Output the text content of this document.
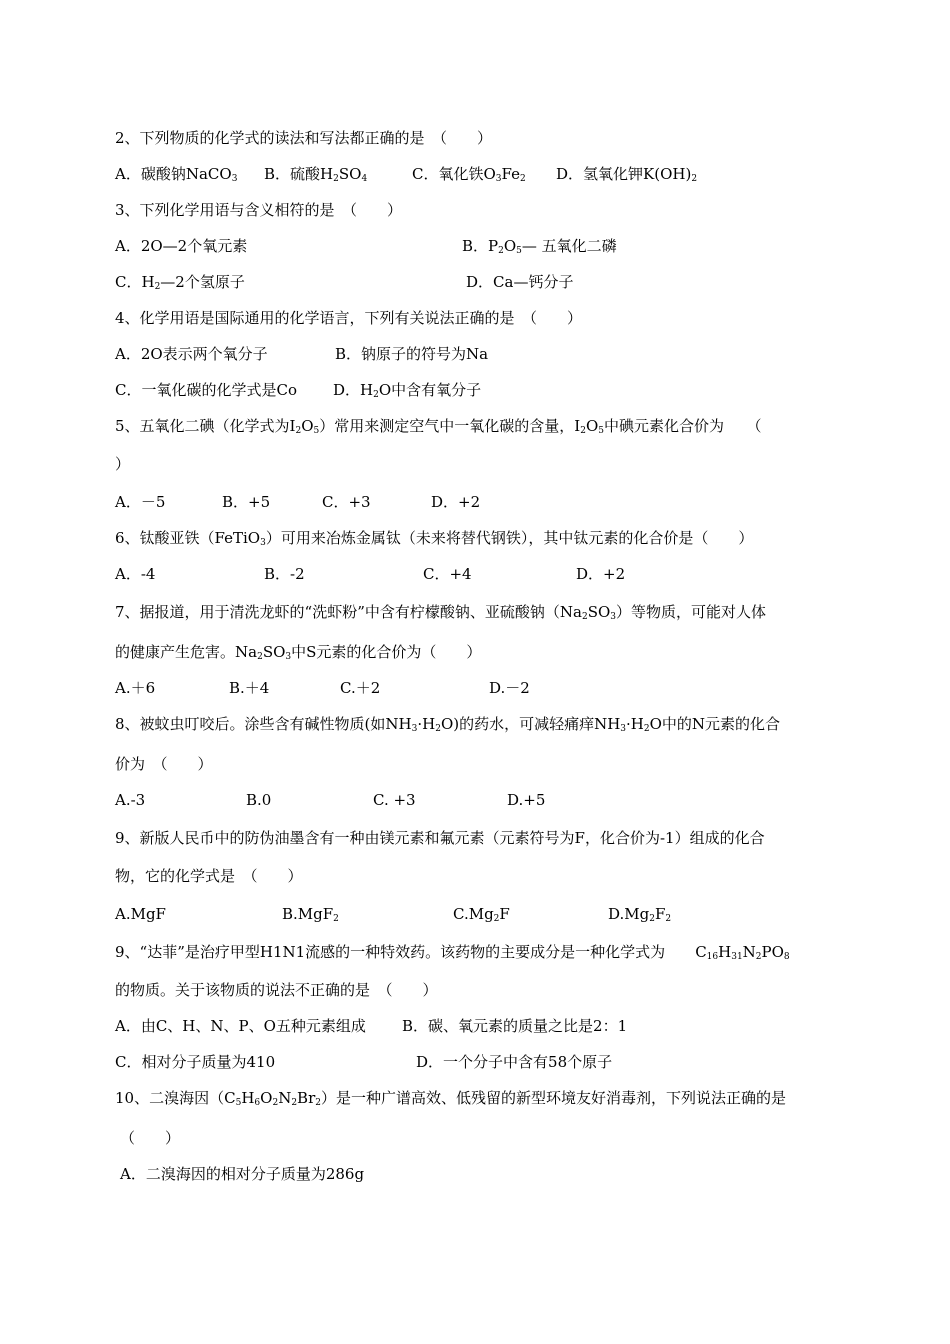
2、下列物质的化学式的读法和写法都正确的是　（　　）
A．碳酸钠NaCO$_3$ B．硫酸$H_2SO_4$	C．氧化铁$O_3Fe_2$ D．氢氧化钾$K(OH)_2$
3、下列化学用语与含义相符的是　（　　）
A．2O—2个氧元素	B．$P_2O_5—$ 五氧化二磷
C．$H_2—2$个氢原子	D．Ca—钙分子
4、化学用语是国际通用的化学语言，下列有关说法正确的是　（　　）
A．2O表示两个氧分子	B．钠原子的符号为Na
C．一氧化碳的化学式是Co D．$H_2O$中含有氧分子
5、五氧化二碘（化学式为$I_2O_5$）常用来测定空气中一氧化碳的含量，$I_2O_5$中碘元素化合价为　　（
）
A．－5	B．+5	C．+3	D．+2
6、钛酸亚铁（FeTiO$_3$）可用来冶炼金属钛（未来将替代钢铁），其中钛元素的化合价是（　　）
A．-4	B．-2	C．+4	D．+2
7、据报道，用于清洗龙虾的“洗虾粉”中含有柠檬酸钠、亚硫酸钠$(Na_2SO_3)$等物质，可能对人体
的健康产生危害。$Na_2SO_3$中S元素的化合价为（　　）
A.＋6	B.＋4	C.＋2	D.－2
8、被蚊虫叮咬后。涂些含有碱性物质(如$NH_3\cdot H_2O$)的药水，可减轻痛痒$NH_3\cdot H_2O$中的N元素的化合
价为　（　　）
A.-3	B.0	C. +3	D.+5
9、新版人民币中的防伪油墨含有一种由镁元素和氟元素（元素符号为F，化合价为-1）组成的化合
物，它的化学式是　（　　）
A.MgF	B.MgF$_2$	$C.Mg_2F$	$D.Mg_2F_2$
9、“达菲”是治疗甲型H1N1流感的一种特效药。该药物的主要成分是一种化学式为 $C_{16}H_{31}N_2PO_8$
的物质。关于该物质的说法不正确的是　（　　）
A．由C、H、N、P、O五种元素组成 B．碳、氧元素的质量之比是2：1
C．相对分子质量为410	D．一个分子中含有58个原子
10、二溴海因$(C_5H_6O_2N_2Br_2)$是一种广谱高效、低残留的新型环境友好消毒剂，下列说法正确的是
（　　）
A．二溴海因的相对分子质量为286g
